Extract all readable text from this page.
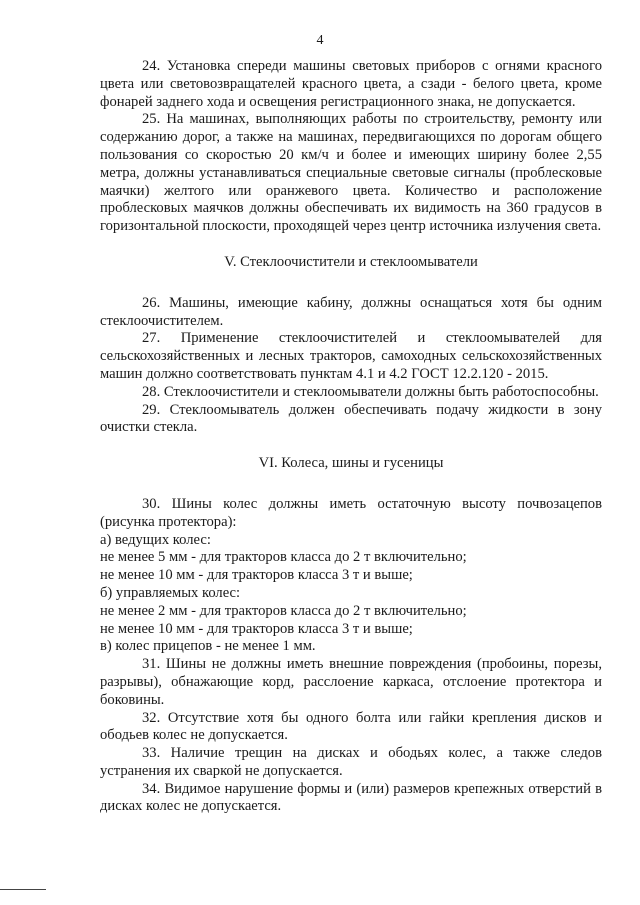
4

24. Установка спереди машины световых приборов с огнями красного цвета или световозвращателей красного цвета, а сзади - белого цвета, кроме фонарей заднего хода и освещения регистрационного знака, не допускается.

25. На машинах, выполняющих работы по строительству, ремонту или содержанию дорог, а также на машинах, передвигающихся по дорогам общего пользования со скоростью 20 км/ч и более и имеющих ширину более 2,55 метра, должны устанавливаться специальные световые сигналы (проблесковые маячки) желтого или оранжевого цвета. Количество и расположение проблесковых маячков должны обеспечивать их видимость на 360 градусов в горизонтальной плоскости, проходящей через центр источника излучения света.

V. Стеклоочистители и стеклоомыватели

26. Машины, имеющие кабину, должны оснащаться хотя бы одним стеклоочистителем.

27. Применение стеклоочистителей и стеклоомывателей для сельскохозяйственных и лесных тракторов, самоходных сельскохозяйственных машин должно соответствовать пунктам 4.1 и 4.2 ГОСТ 12.2.120 - 2015.

28. Стеклоочистители и стеклоомыватели должны быть работоспособны.

29. Стеклоомыватель должен обеспечивать подачу жидкости в зону очистки стекла.

VI. Колеса, шины и гусеницы

30. Шины колес должны иметь остаточную высоту почвозацепов (рисунка протектора):

а) ведущих колес:

не менее 5 мм - для тракторов класса до 2 т включительно;

не менее 10 мм - для тракторов класса 3 т и выше;

б) управляемых колес:

не менее 2 мм - для тракторов класса до 2 т включительно;

не менее 10 мм - для тракторов класса 3 т и выше;

в) колес прицепов - не менее 1 мм.

31. Шины не должны иметь внешние повреждения (пробоины, порезы, разрывы), обнажающие корд, расслоение каркаса, отслоение протектора и боковины.

32. Отсутствие хотя бы одного болта или гайки крепления дисков и ободьев колес не допускается.

33. Наличие трещин на дисках и ободьях колес, а также следов устранения их сваркой не допускается.

34. Видимое нарушение формы и (или) размеров крепежных отверстий в дисках колес не допускается.
